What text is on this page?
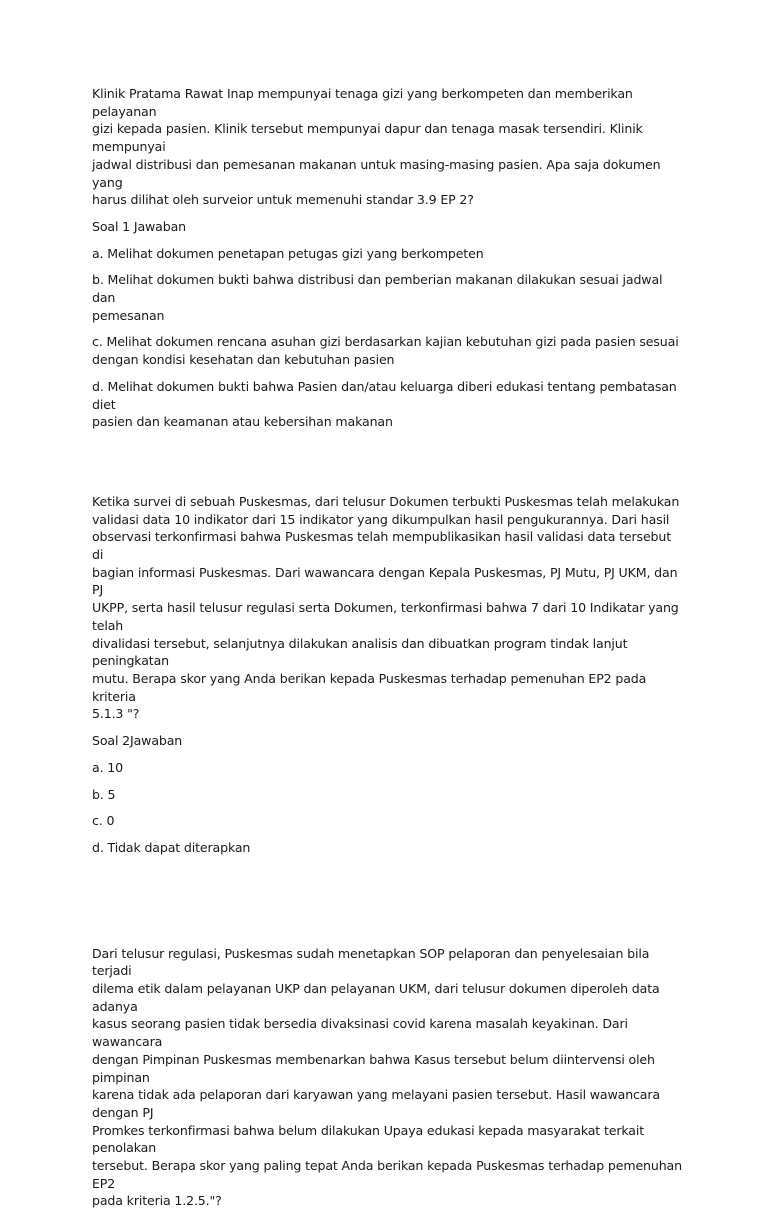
Klinik Pratama Rawat Inap mempunyai tenaga gizi yang berkompeten dan memberikan pelayanan
gizi kepada pasien. Klinik tersebut mempunyai dapur dan tenaga masak tersendiri. Klinik mempunyai
jadwal distribusi dan pemesanan makanan untuk masing-masing pasien. Apa saja dokumen yang
harus dilihat oleh surveior untuk memenuhi standar 3.9 EP 2?

Soal 1 Jawaban

a. Melihat dokumen penetapan petugas gizi yang berkompeten

b. Melihat dokumen bukti bahwa distribusi dan pemberian makanan dilakukan sesuai jadwal dan
pemesanan

c. Melihat dokumen rencana asuhan gizi berdasarkan kajian kebutuhan gizi pada pasien sesuai
dengan kondisi kesehatan dan kebutuhan pasien

d. Melihat dokumen bukti bahwa Pasien dan/atau keluarga diberi edukasi tentang pembatasan diet
pasien dan keamanan atau kebersihan makanan

Ketika survei di sebuah Puskesmas, dari telusur Dokumen terbukti Puskesmas telah melakukan
validasi data 10 indikator dari 15 indikator yang dikumpulkan hasil pengukurannya. Dari hasil
observasi terkonfirmasi bahwa Puskesmas telah mempublikasikan hasil validasi data tersebut di
bagian informasi Puskesmas. Dari wawancara dengan Kepala Puskesmas, PJ Mutu, PJ UKM, dan PJ
UKPP, serta hasil telusur regulasi serta Dokumen, terkonfirmasi bahwa 7 dari 10 Indikatar yang telah
divalidasi tersebut, selanjutnya dilakukan analisis dan dibuatkan program tindak lanjut peningkatan
mutu. Berapa skor yang Anda berikan kepada Puskesmas terhadap pemenuhan EP2 pada kriteria
5.1.3 "?

Soal 2Jawaban

a. 10

b. 5

c. 0

d. Tidak dapat diterapkan

Dari telusur regulasi, Puskesmas sudah menetapkan SOP pelaporan dan penyelesaian bila terjadi
dilema etik dalam pelayanan UKP dan pelayanan UKM, dari telusur dokumen diperoleh data adanya
kasus seorang pasien tidak bersedia divaksinasi covid karena masalah keyakinan. Dari wawancara
dengan Pimpinan Puskesmas membenarkan bahwa Kasus tersebut belum diintervensi oleh pimpinan
karena tidak ada pelaporan dari karyawan yang melayani pasien tersebut. Hasil wawancara dengan PJ
Promkes terkonfirmasi bahwa belum dilakukan Upaya edukasi kepada masyarakat terkait penolakan
tersebut. Berapa skor yang paling tepat Anda berikan kepada Puskesmas terhadap pemenuhan EP2
pada kriteria 1.2.5."?
